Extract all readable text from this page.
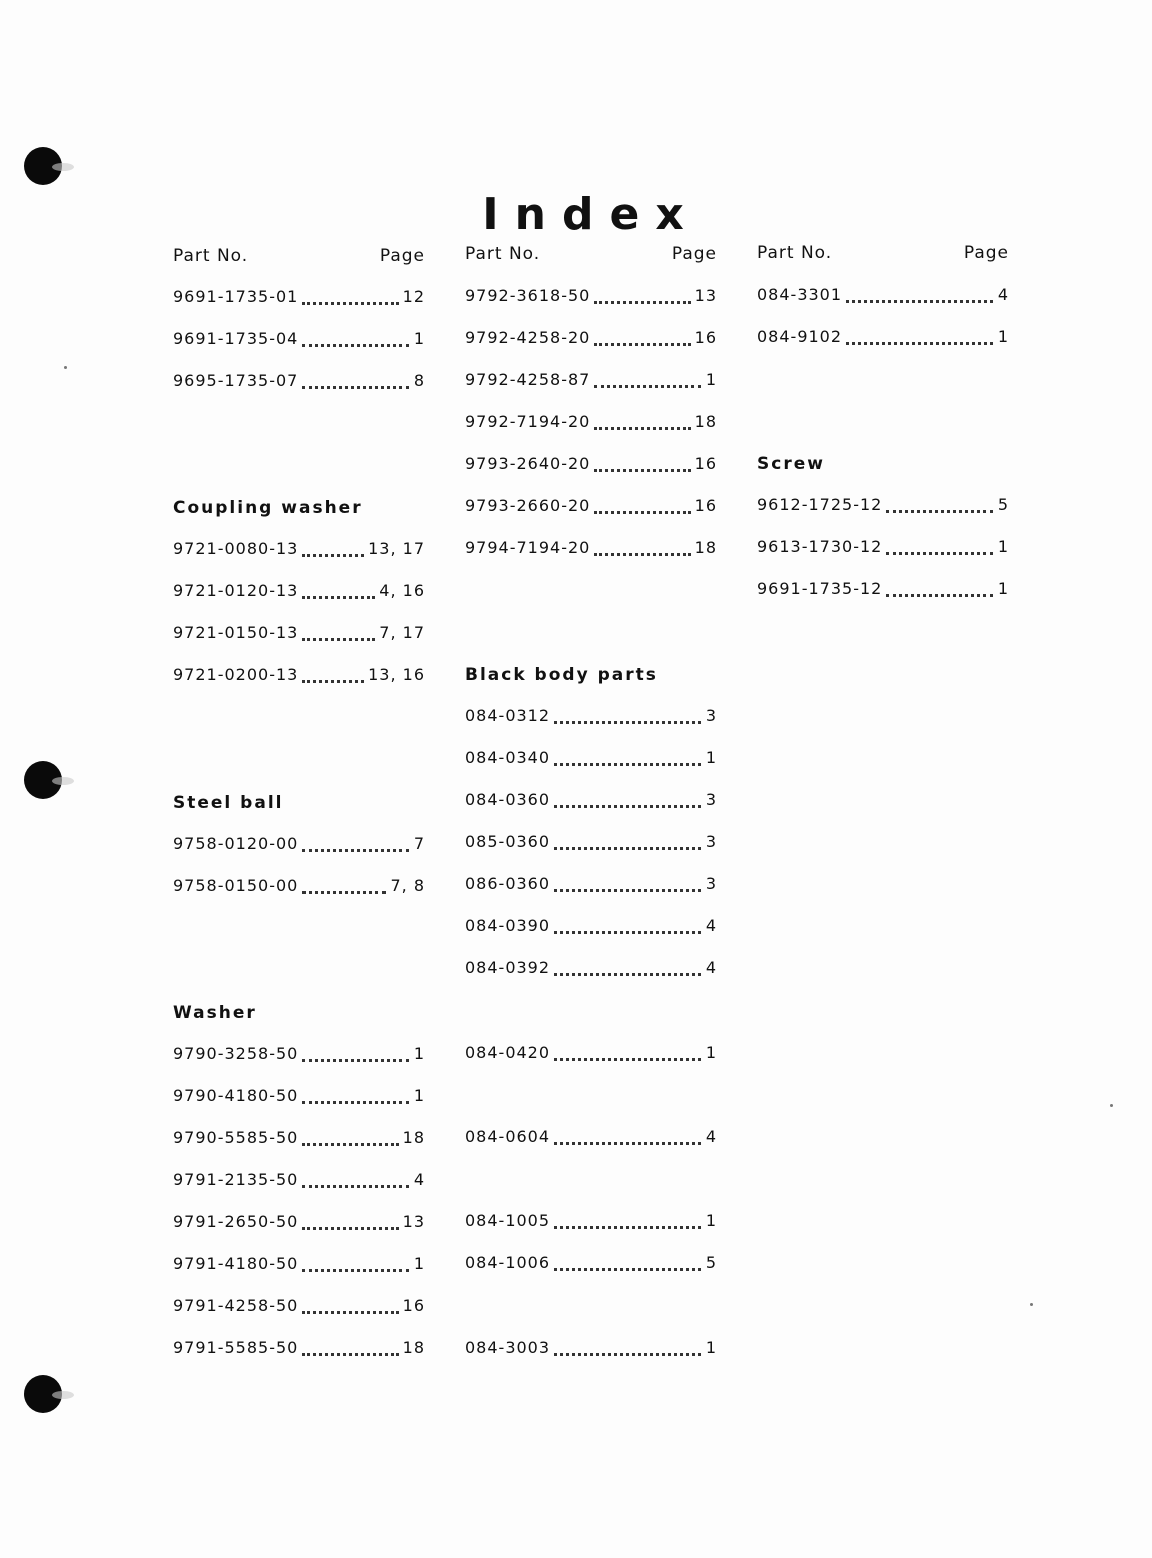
Index
Part No.	Page
9691-1735-01	12
9691-1735-04	1
9695-1735-07	8
Coupling washer
9721-0080-13	13, 17
9721-0120-13	4, 16
9721-0150-13	7, 17
9721-0200-13	13, 16
Steel ball
9758-0120-00	7
9758-0150-00	7, 8
Washer
9790-3258-50	1
9790-4180-50	1
9790-5585-50	18
9791-2135-50	4
9791-2650-50	13
9791-4180-50	1
9791-4258-50	16
9791-5585-50	18
Part No.	Page
9792-3618-50	13
9792-4258-20	16
9792-4258-87	1
9792-7194-20	18
9793-2640-20	16
9793-2660-20	16
9794-7194-20	18
Black body parts
084-0312	3
084-0340	1
084-0360	3
085-0360	3
086-0360	3
084-0390	4
084-0392	4
084-0420	1
084-0604	4
084-1005	1
084-1006	5
084-3003	1
Part No.	Page
084-3301	4
084-9102	1
Screw
9612-1725-12	5
9613-1730-12	1
9691-1735-12	1
